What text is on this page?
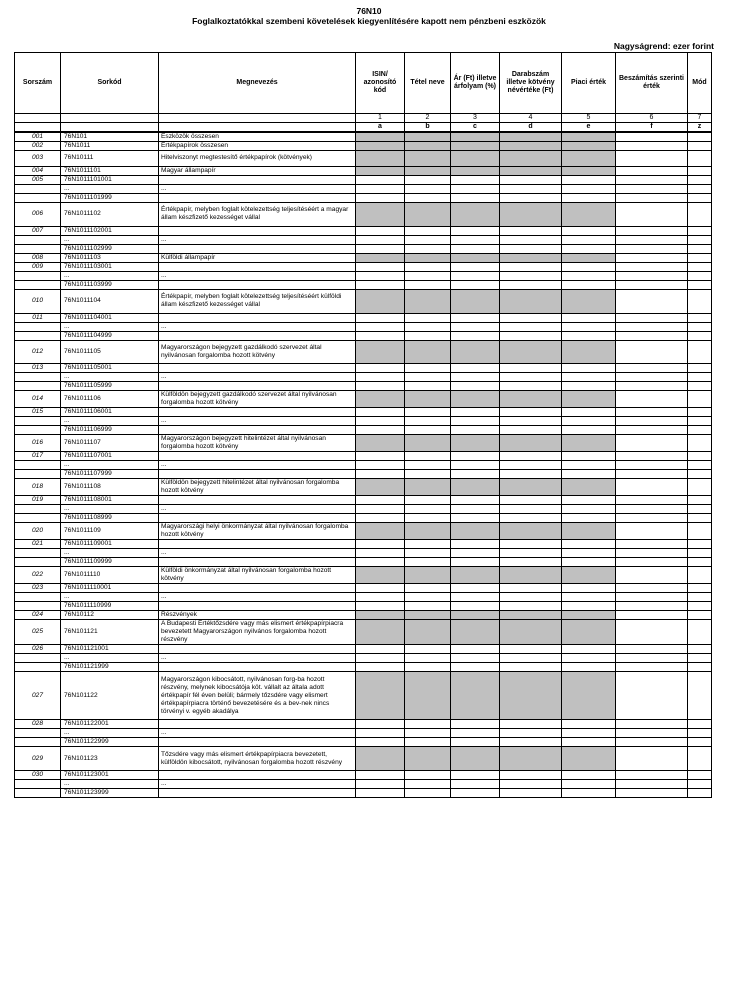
76N10
Foglalkoztatókkal szembeni követelések kiegyenlítésére kapott nem pénzbeni eszközök
Nagyságrend: ezer forint
Sorszám	Sorkód	Megnevezés	ISIN/ azonosító kód	Tétel neve	Ár (Ft) illetve árfolyam (%)	Darabszám illetve kötvény névértéke (Ft)	Piaci érték	Beszámítás szerinti érték	Mód
			1	2	3	4	5	6	7
			a	b	c	d	e	f	z
001	76N101	Eszközök összesen							
002	76N1011	Értékpapírok összesen							
003	76N10111	Hitelviszonyt megtestesítő értékpapírok (kötvények)							
004	76N1011101	Magyar állampapír							
005	76N1011101001								
	...	...							
	76N1011101999								
006	76N1011102	Értékpapír, melyben foglalt kötelezettség teljesítéséért a magyar állam készfizető kezességet vállal							
007	76N1011102001								
	...	...							
	76N1011102999								
008	76N1011103	Külföldi állampapír							
009	76N1011103001								
	...	...							
	76N1011103999								
010	76N1011104	Értékpapír, melyben foglalt kötelezettség teljesítéséért külföldi állam készfizető kezességet vállal							
011	76N1011104001								
	...	...							
	76N1011104999								
012	76N1011105	Magyarországon bejegyzett gazdálkodó szervezet által nyilvánosan forgalomba hozott kötvény							
013	76N1011105001								
	...	...							
	76N1011105999								
014	76N1011106	Külföldön bejegyzett gazdálkodó szervezet által nyilvánosan forgalomba hozott kötvény							
015	76N1011106001								
	...	...							
	76N1011106999								
016	76N1011107	Magyarországon bejegyzett hitelintézet által nyilvánosan forgalomba hozott kötvény							
017	76N1011107001								
	...	...							
	76N1011107999								
018	76N1011108	Külföldön bejegyzett hitelintézet által nyilvánosan forgalomba hozott kötvény							
019	76N1011108001								
	...	...							
	76N1011108999								
020	76N1011109	Magyarországi helyi önkormányzat által nyilvánosan forgalomba hozott kötvény							
021	76N1011109001								
	...	...							
	76N1011109999								
022	76N1011110	Külföldi önkormányzat által nyilvánosan forgalomba hozott kötvény							
023	76N1011110001								
	...	...							
	76N1011110999								
024	76N10112	Részvények							
025	76N101121	A Budapesti Értéktőzsdére vagy más elismert értékpapírpiacra bevezetett Magyarországon nyilvános forgalomba hozott részvény							
026	76N101121001								
	...	...							
	76N101121999								
027	76N101122	Magyarországon kibocsátott, nyilvánosan forg-ba hozott részvény, melynek kibocsátója köt. vállalt az általa adott értékpapír fél éven belüli; bármely tőzsdére vagy elismert értékpapírpiacra történő bevezetésére és a bev-nek nincs törvényi v. egyéb akadálya							
028	76N101122001								
	...	...							
	76N101122999								
029	76N101123	Tőzsdére vagy más elismert értékpapírpiacra bevezetett, külföldön kibocsátott, nyilvánosan forgalomba hozott részvény							
030	76N101123001								
	...	...							
	76N101123999								
